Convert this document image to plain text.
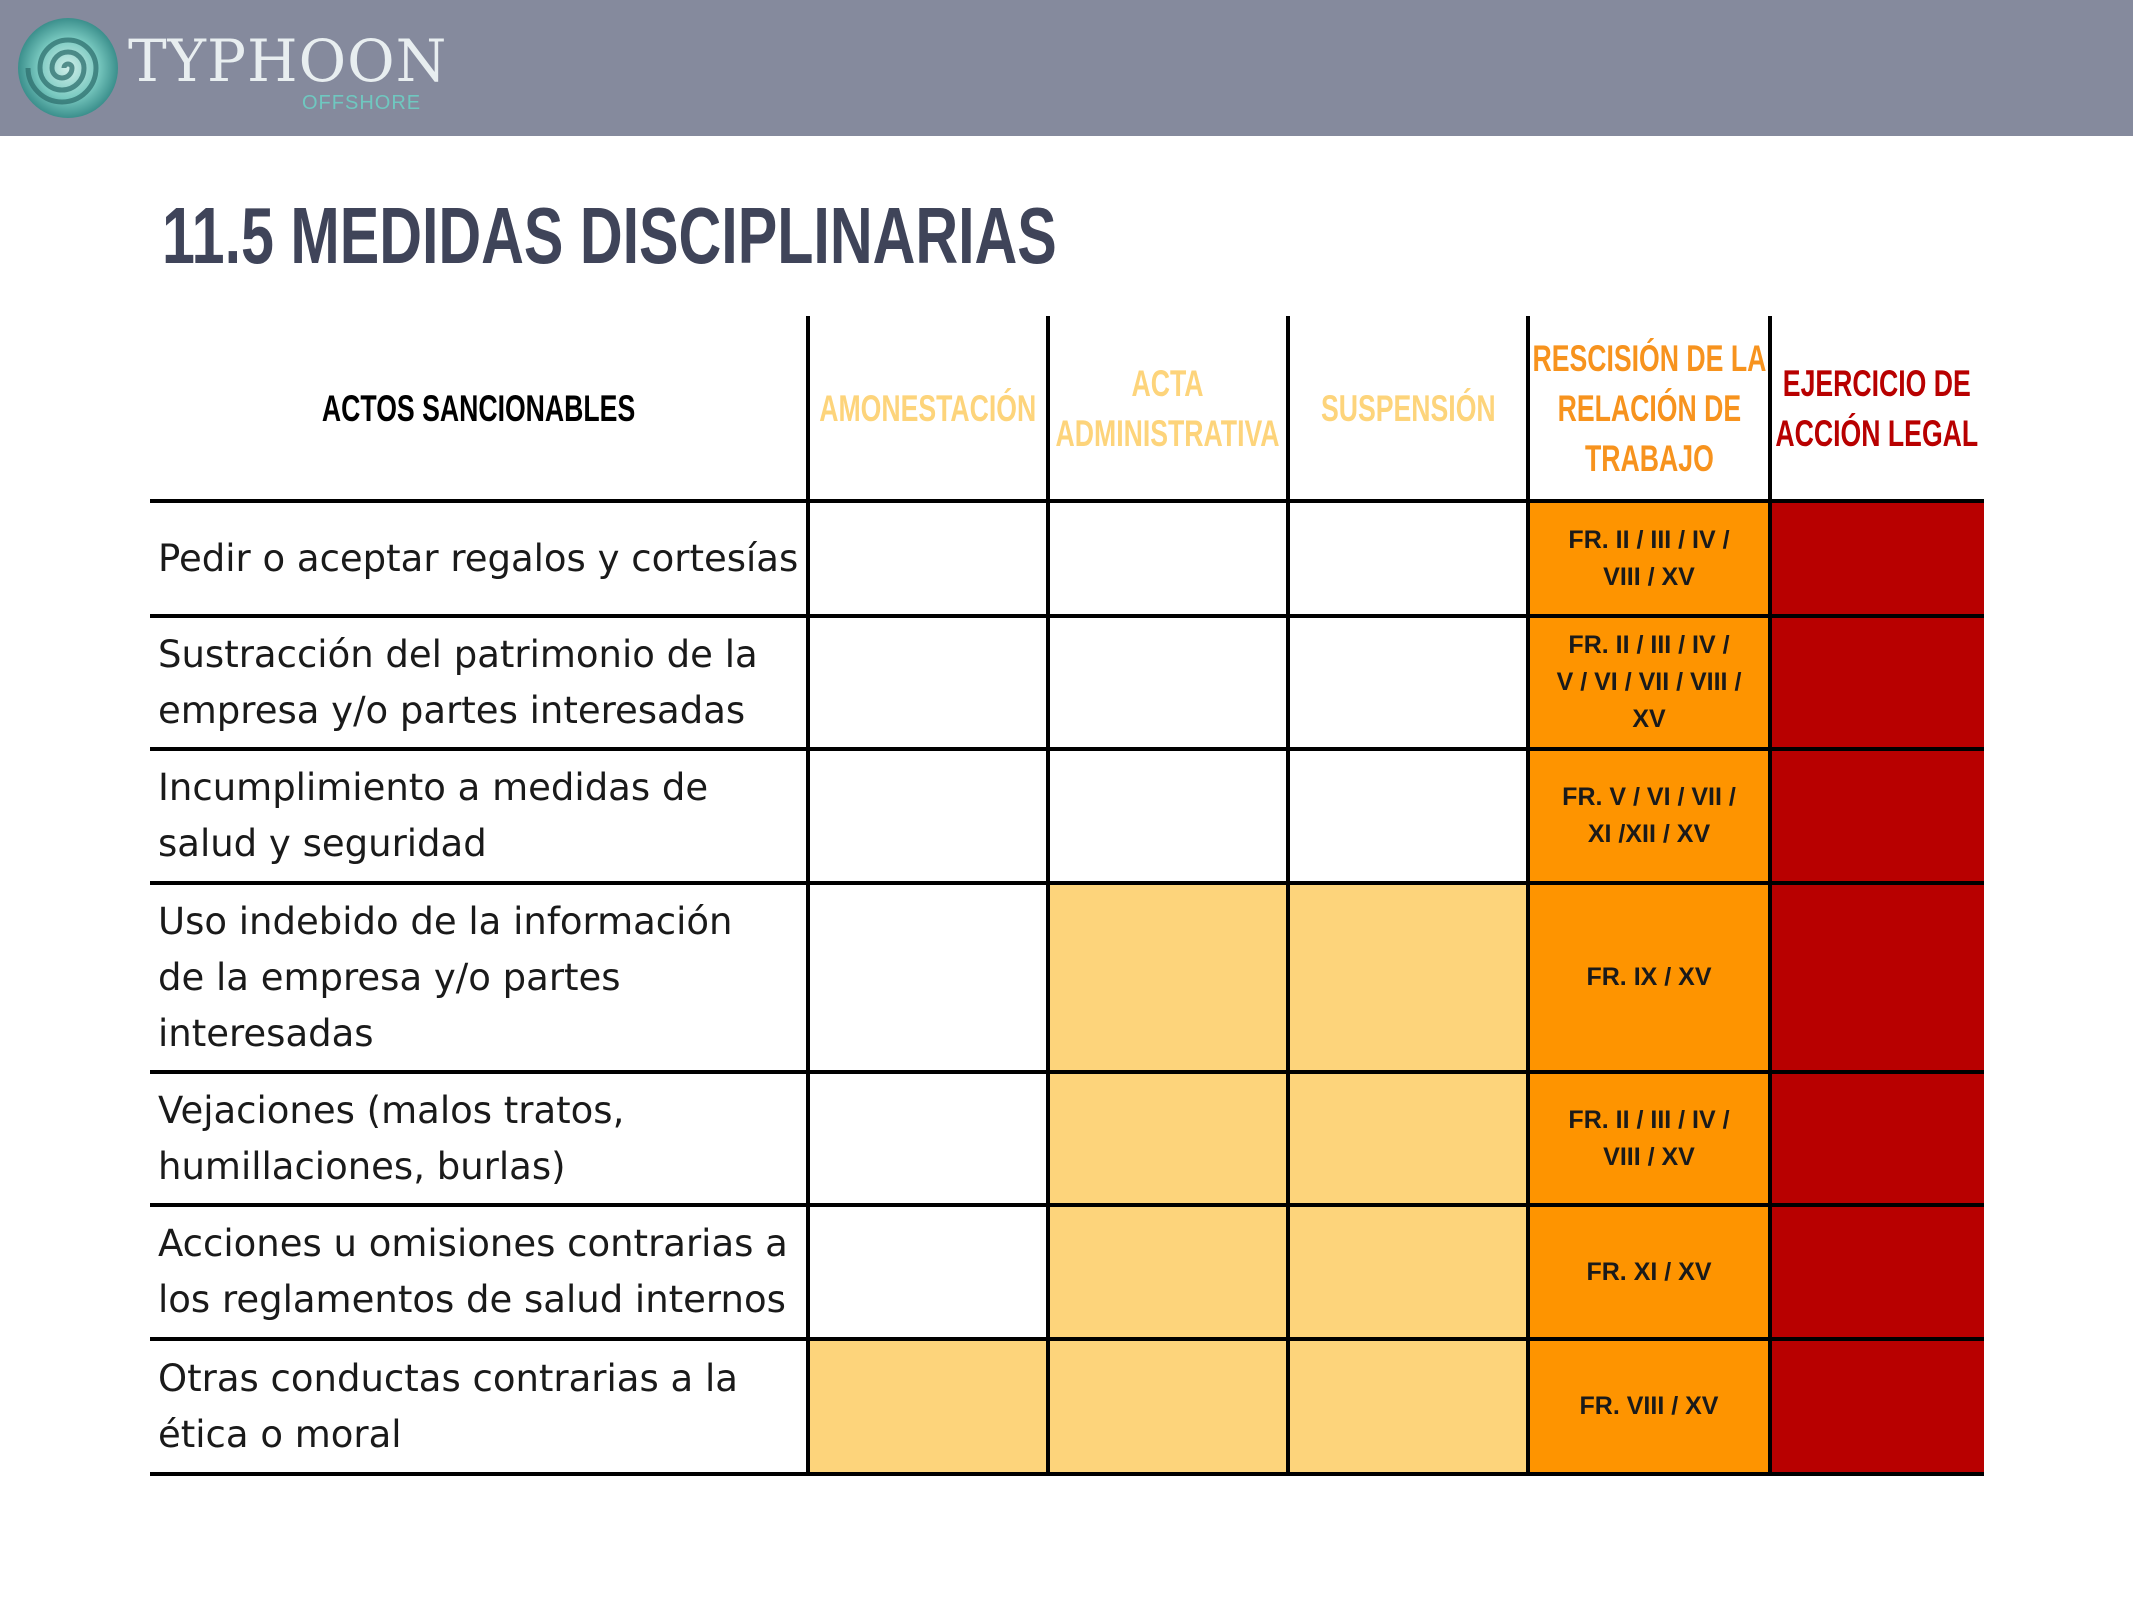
TYPHOON
OFFSHORE
11.5 MEDIDAS DISCIPLINARIAS
ACTOS SANCIONABLES	AMONESTACIÓN
ACTA
ADMINISTRATIVA
SUSPENSIÓN
RESCISIÓN DE LA
RELACIÓN DE
TRABAJO
EJERCICIO DE
ACCIÓN LEGAL
Pedir o aceptar regalos y cortesías	FR. II / III / IV /
VIII / XV
Sustracción del patrimonio de la
empresa y/o partes interesadas
FR. II / III / IV /
V / VI / VII / VIII /
XV
Incumplimiento a medidas de
salud y seguridad
FR. V / VI / VII /
XI /XII / XV
Uso indebido de la información
de la empresa y/o partes
interesadas
FR. IX / XV
Vejaciones (malos tratos,
humillaciones, burlas)
FR. II / III / IV /
VIII / XV
Acciones u omisiones contrarias a
los reglamentos de salud internos
FR. XI / XV
Otras conductas contrarias a la
ética o moral
FR. VIII / XV
